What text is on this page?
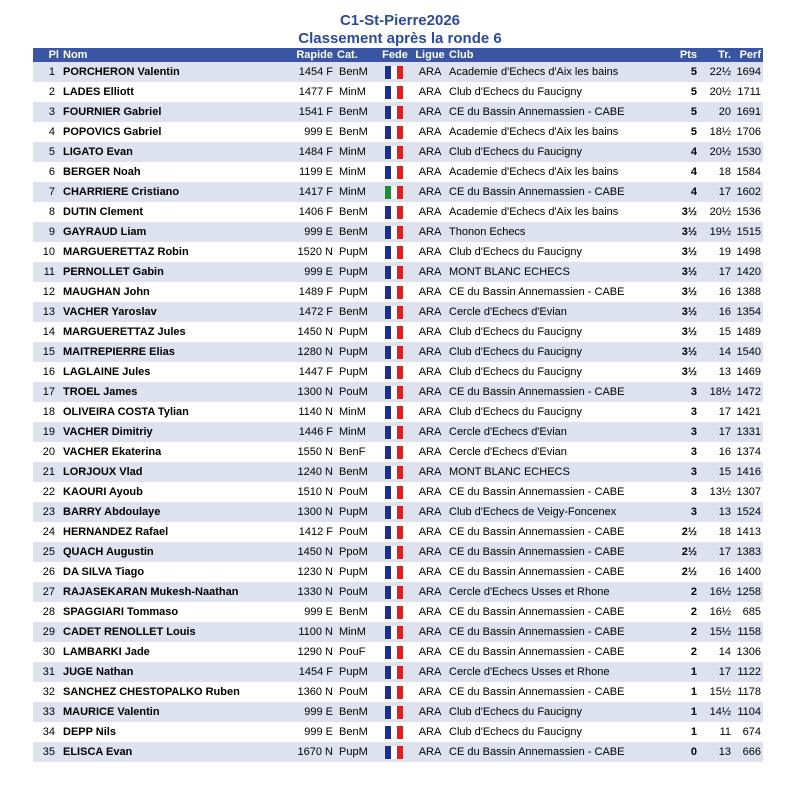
C1-St-Pierre2026
Classement après la ronde 6
Pl	Nom	Rapide	Cat.	Fede	Ligue	Club	Pts	Tr.	Perf
1	PORCHERON Valentin	1454 F	BenM		ARA	Academie d'Echecs d'Aix les bains	5	22½	1694
2	LADES Elliott	1477 F	MinM		ARA	Club d'Echecs du Faucigny	5	20½	1711
3	FOURNIER Gabriel	1541 F	BenM		ARA	CE du Bassin Annemassien - CABE	5	20	1691
4	POPOVICS Gabriel	999 E	BenM		ARA	Academie d'Echecs d'Aix les bains	5	18½	1706
5	LIGATO Evan	1484 F	MinM		ARA	Club d'Echecs du Faucigny	4	20½	1530
6	BERGER Noah	1199 E	MinM		ARA	Academie d'Echecs d'Aix les bains	4	18	1584
7	CHARRIERE Cristiano	1417 F	MinM		ARA	CE du Bassin Annemassien - CABE	4	17	1602
8	DUTIN Clement	1406 F	BenM		ARA	Academie d'Echecs d'Aix les bains	3½	20½	1536
9	GAYRAUD Liam	999 E	BenM		ARA	Thonon Echecs	3½	19½	1515
10	MARGUERETTAZ Robin	1520 N	PupM		ARA	Club d'Echecs du Faucigny	3½	19	1498
11	PERNOLLET Gabin	999 E	PupM		ARA	MONT BLANC ECHECS	3½	17	1420
12	MAUGHAN John	1489 F	PupM		ARA	CE du Bassin Annemassien - CABE	3½	16	1388
13	VACHER Yaroslav	1472 F	BenM		ARA	Cercle d'Echecs d'Evian	3½	16	1354
14	MARGUERETTAZ Jules	1450 N	PupM		ARA	Club d'Echecs du Faucigny	3½	15	1489
15	MAITREPIERRE Elias	1280 N	PupM		ARA	Club d'Echecs du Faucigny	3½	14	1540
16	LAGLAINE Jules	1447 F	PupM		ARA	Club d'Echecs du Faucigny	3½	13	1469
17	TROEL James	1300 N	PouM		ARA	CE du Bassin Annemassien - CABE	3	18½	1472
18	OLIVEIRA COSTA Tylian	1140 N	MinM		ARA	Club d'Echecs du Faucigny	3	17	1421
19	VACHER Dimitriy	1446 F	MinM		ARA	Cercle d'Echecs d'Evian	3	17	1331
20	VACHER Ekaterina	1550 N	BenF		ARA	Cercle d'Echecs d'Evian	3	16	1374
21	LORJOUX Vlad	1240 N	BenM		ARA	MONT BLANC ECHECS	3	15	1416
22	KAOURI Ayoub	1510 N	PouM		ARA	CE du Bassin Annemassien - CABE	3	13½	1307
23	BARRY Abdoulaye	1300 N	PupM		ARA	Club d'Echecs de Veigy-Foncenex	3	13	1524
24	HERNANDEZ Rafael	1412 F	PouM		ARA	CE du Bassin Annemassien - CABE	2½	18	1413
25	QUACH Augustin	1450 N	PpoM		ARA	CE du Bassin Annemassien - CABE	2½	17	1383
26	DA SILVA Tiago	1230 N	PupM		ARA	CE du Bassin Annemassien - CABE	2½	16	1400
27	RAJASEKARAN Mukesh-Naathan	1330 N	PouM		ARA	Cercle d'Echecs Usses et Rhone	2	16½	1258
28	SPAGGIARI Tommaso	999 E	BenM		ARA	CE du Bassin Annemassien - CABE	2	16½	685
29	CADET RENOLLET Louis	1100 N	MinM		ARA	CE du Bassin Annemassien - CABE	2	15½	1158
30	LAMBARKI Jade	1290 N	PouF		ARA	CE du Bassin Annemassien - CABE	2	14	1306
31	JUGE Nathan	1454 F	PupM		ARA	Cercle d'Echecs Usses et Rhone	1	17	1122
32	SANCHEZ CHESTOPALKO Ruben	1360 N	PouM		ARA	CE du Bassin Annemassien - CABE	1	15½	1178
33	MAURICE Valentin	999 E	BenM		ARA	Club d'Echecs du Faucigny	1	14½	1104
34	DEPP Nils	999 E	BenM		ARA	Club d'Echecs du Faucigny	1	11	674
35	ELISCA Evan	1670 N	PupM		ARA	CE du Bassin Annemassien - CABE	0	13	666
